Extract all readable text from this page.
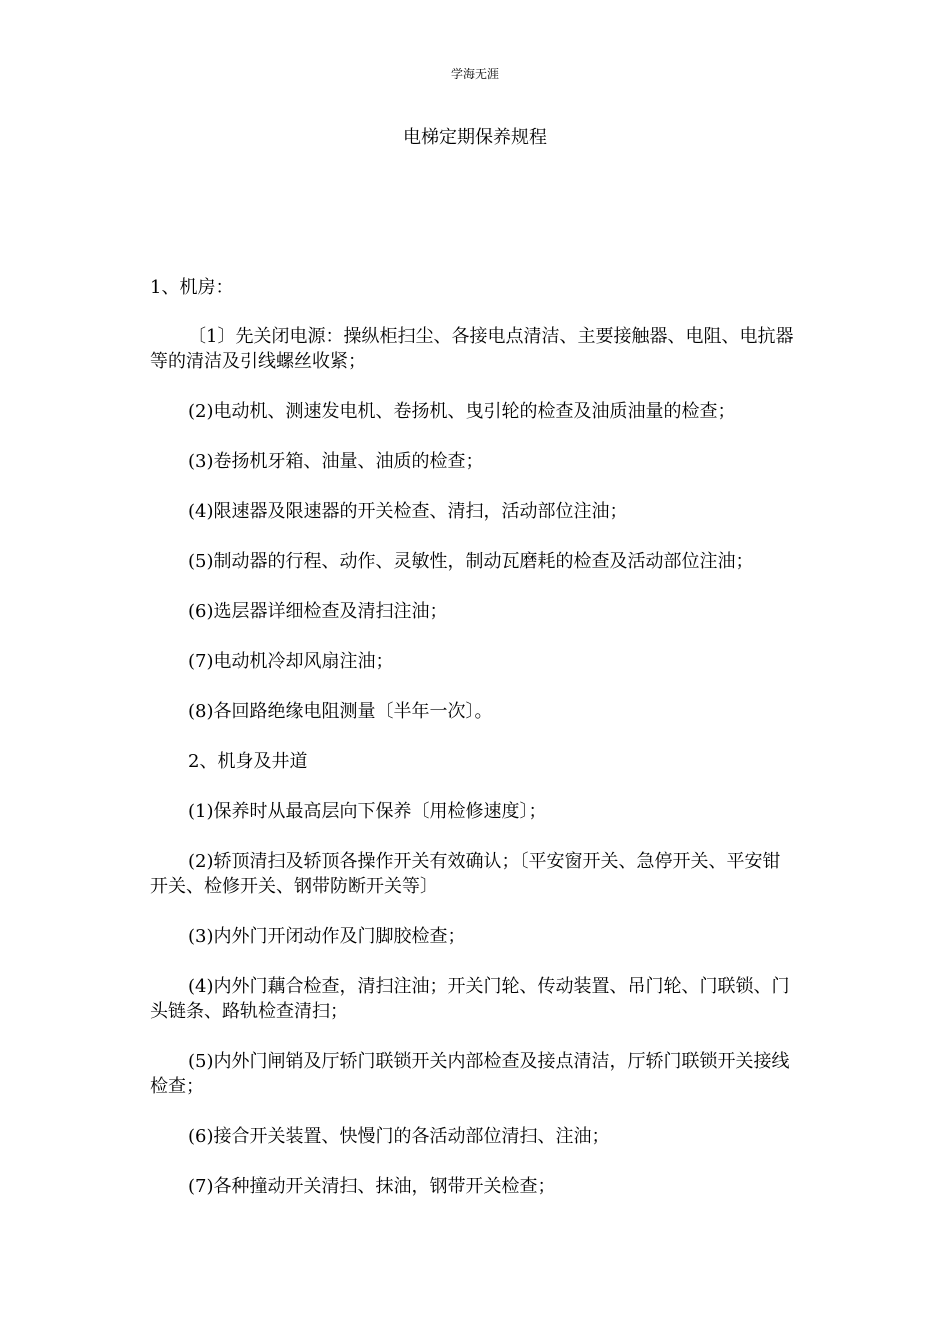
学海无涯
电梯定期保养规程

1、机房：

〔1〕先关闭电源：操纵柜扫尘、各接电点清洁、主要接触器、电阻、电抗器等的清洁及引线螺丝收紧；

(2)电动机、测速发电机、卷扬机、曳引轮的检查及油质油量的检查；

(3)卷扬机牙箱、油量、油质的检查；

(4)限速器及限速器的开关检查、清扫，活动部位注油；

(5)制动器的行程、动作、灵敏性，制动瓦磨耗的检查及活动部位注油；

(6)选层器详细检查及清扫注油；

(7)电动机冷却风扇注油；

(8)各回路绝缘电阻测量〔半年一次〕。

2、机身及井道

(1)保养时从最高层向下保养〔用检修速度〕；

(2)轿顶清扫及轿顶各操作开关有效确认；〔平安窗开关、急停开关、平安钳开关、检修开关、钢带防断开关等〕

(3)内外门开闭动作及门脚胶检查；

(4)内外门藕合检查，清扫注油；开关门轮、传动装置、吊门轮、门联锁、门头链条、路轨检查清扫；

(5)内外门闸销及厅轿门联锁开关内部检查及接点清洁，厅轿门联锁开关接线检查；

(6)接合开关装置、快慢门的各活动部位清扫、注油；

(7)各种撞动开关清扫、抹油，钢带开关检查；
